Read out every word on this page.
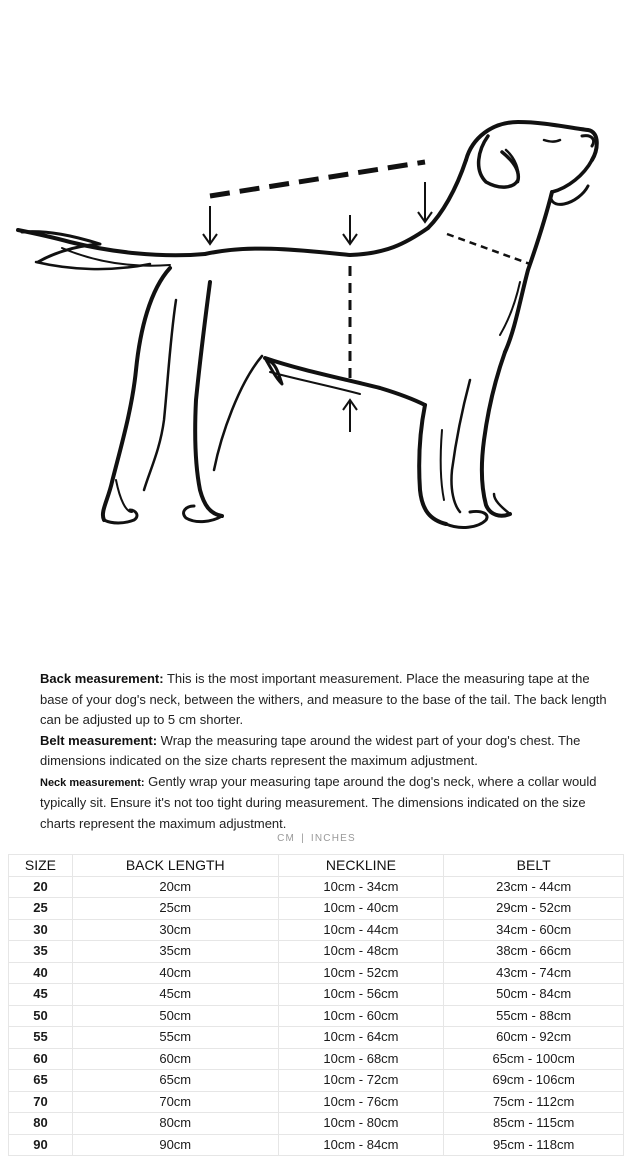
Back measurement: This is the most important measurement. Place the measuring tape at the base of your dog's neck, between the withers, and measure to the base of the tail. The back length can be adjusted up to 5 cm shorter.

Belt measurement: Wrap the measuring tape around the widest part of your dog's chest. The dimensions indicated on the size charts represent the maximum adjustment.

Neck measurement: Gently wrap your measuring tape around the dog's neck, where a collar would typically sit. Ensure it's not too tight during measurement. The dimensions indicated on the size charts represent the maximum adjustment.

CM | INCHES
SIZE	BACK LENGTH	NECKLINE	BELT
20	20cm	10cm - 34cm	23cm - 44cm
25	25cm	10cm - 40cm	29cm - 52cm
30	30cm	10cm - 44cm	34cm - 60cm
35	35cm	10cm - 48cm	38cm - 66cm
40	40cm	10cm - 52cm	43cm - 74cm
45	45cm	10cm - 56cm	50cm - 84cm
50	50cm	10cm - 60cm	55cm - 88cm
55	55cm	10cm - 64cm	60cm - 92cm
60	60cm	10cm - 68cm	65cm - 100cm
65	65cm	10cm - 72cm	69cm - 106cm
70	70cm	10cm - 76cm	75cm - 112cm
80	80cm	10cm - 80cm	85cm - 115cm
90	90cm	10cm - 84cm	95cm - 118cm
